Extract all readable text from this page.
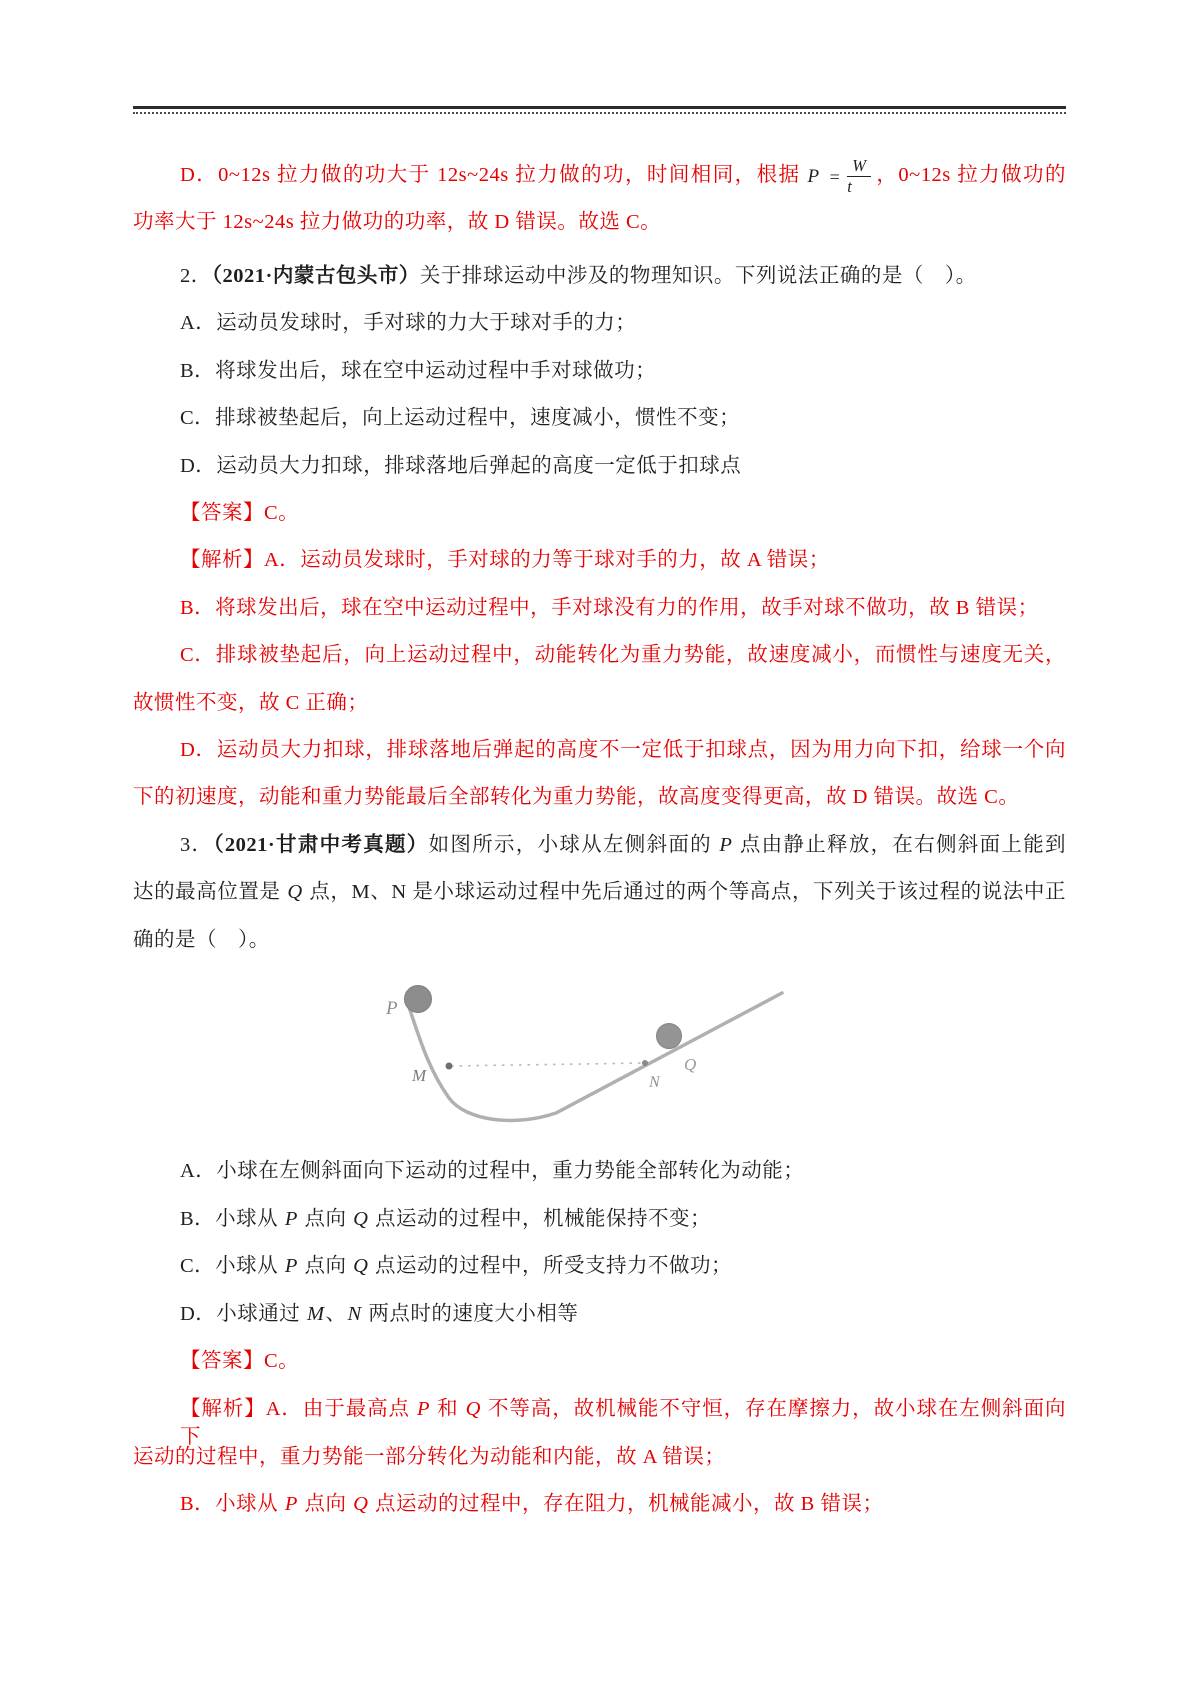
D．0~12s 拉力做的功大于 12s~24s 拉力做的功，时间相同，根据 $P = \frac{W}{t}$ ，0~12s 拉力做功的
功率大于 12s~24s 拉力做功的功率，故 D 错误。故选 C。
2．（2021·内蒙古包头市）关于排球运动中涉及的物理知识。下列说法正确的是（　）。
A．运动员发球时，手对球的力大于球对手的力；
B．将球发出后，球在空中运动过程中手对球做功；
C．排球被垫起后，向上运动过程中，速度减小，惯性不变；
D．运动员大力扣球，排球落地后弹起的高度一定低于扣球点
【答案】C。
【解析】A．运动员发球时，手对球的力等于球对手的力，故 A 错误；
B．将球发出后，球在空中运动过程中，手对球没有力的作用，故手对球不做功，故 B 错误；
C．排球被垫起后，向上运动过程中，动能转化为重力势能，故速度减小，而惯性与速度无关，
故惯性不变，故 C 正确；
D．运动员大力扣球，排球落地后弹起的高度不一定低于扣球点，因为用力向下扣，给球一个向
下的初速度，动能和重力势能最后全部转化为重力势能，故高度变得更高，故 D 错误。故选 C。
3．（2021·甘肃中考真题）如图所示，小球从左侧斜面的 P 点由静止释放，在右侧斜面上能到
达的最高位置是 Q 点，M、N 是小球运动过程中先后通过的两个等高点，下列关于该过程的说法中正
确的是（　）。
A．小球在左侧斜面向下运动的过程中，重力势能全部转化为动能；
B．小球从 P 点向 Q 点运动的过程中，机械能保持不变；
C．小球从 P 点向 Q 点运动的过程中，所受支持力不做功；
D．小球通过 M、N 两点时的速度大小相等
【答案】C。
【解析】A．由于最高点 P 和 Q 不等高，故机械能不守恒，存在摩擦力，故小球在左侧斜面向下
运动的过程中，重力势能一部分转化为动能和内能，故 A 错误；
B．小球从 P 点向 Q 点运动的过程中，存在阻力，机械能减小，故 B 错误；
P
M	N
Q
